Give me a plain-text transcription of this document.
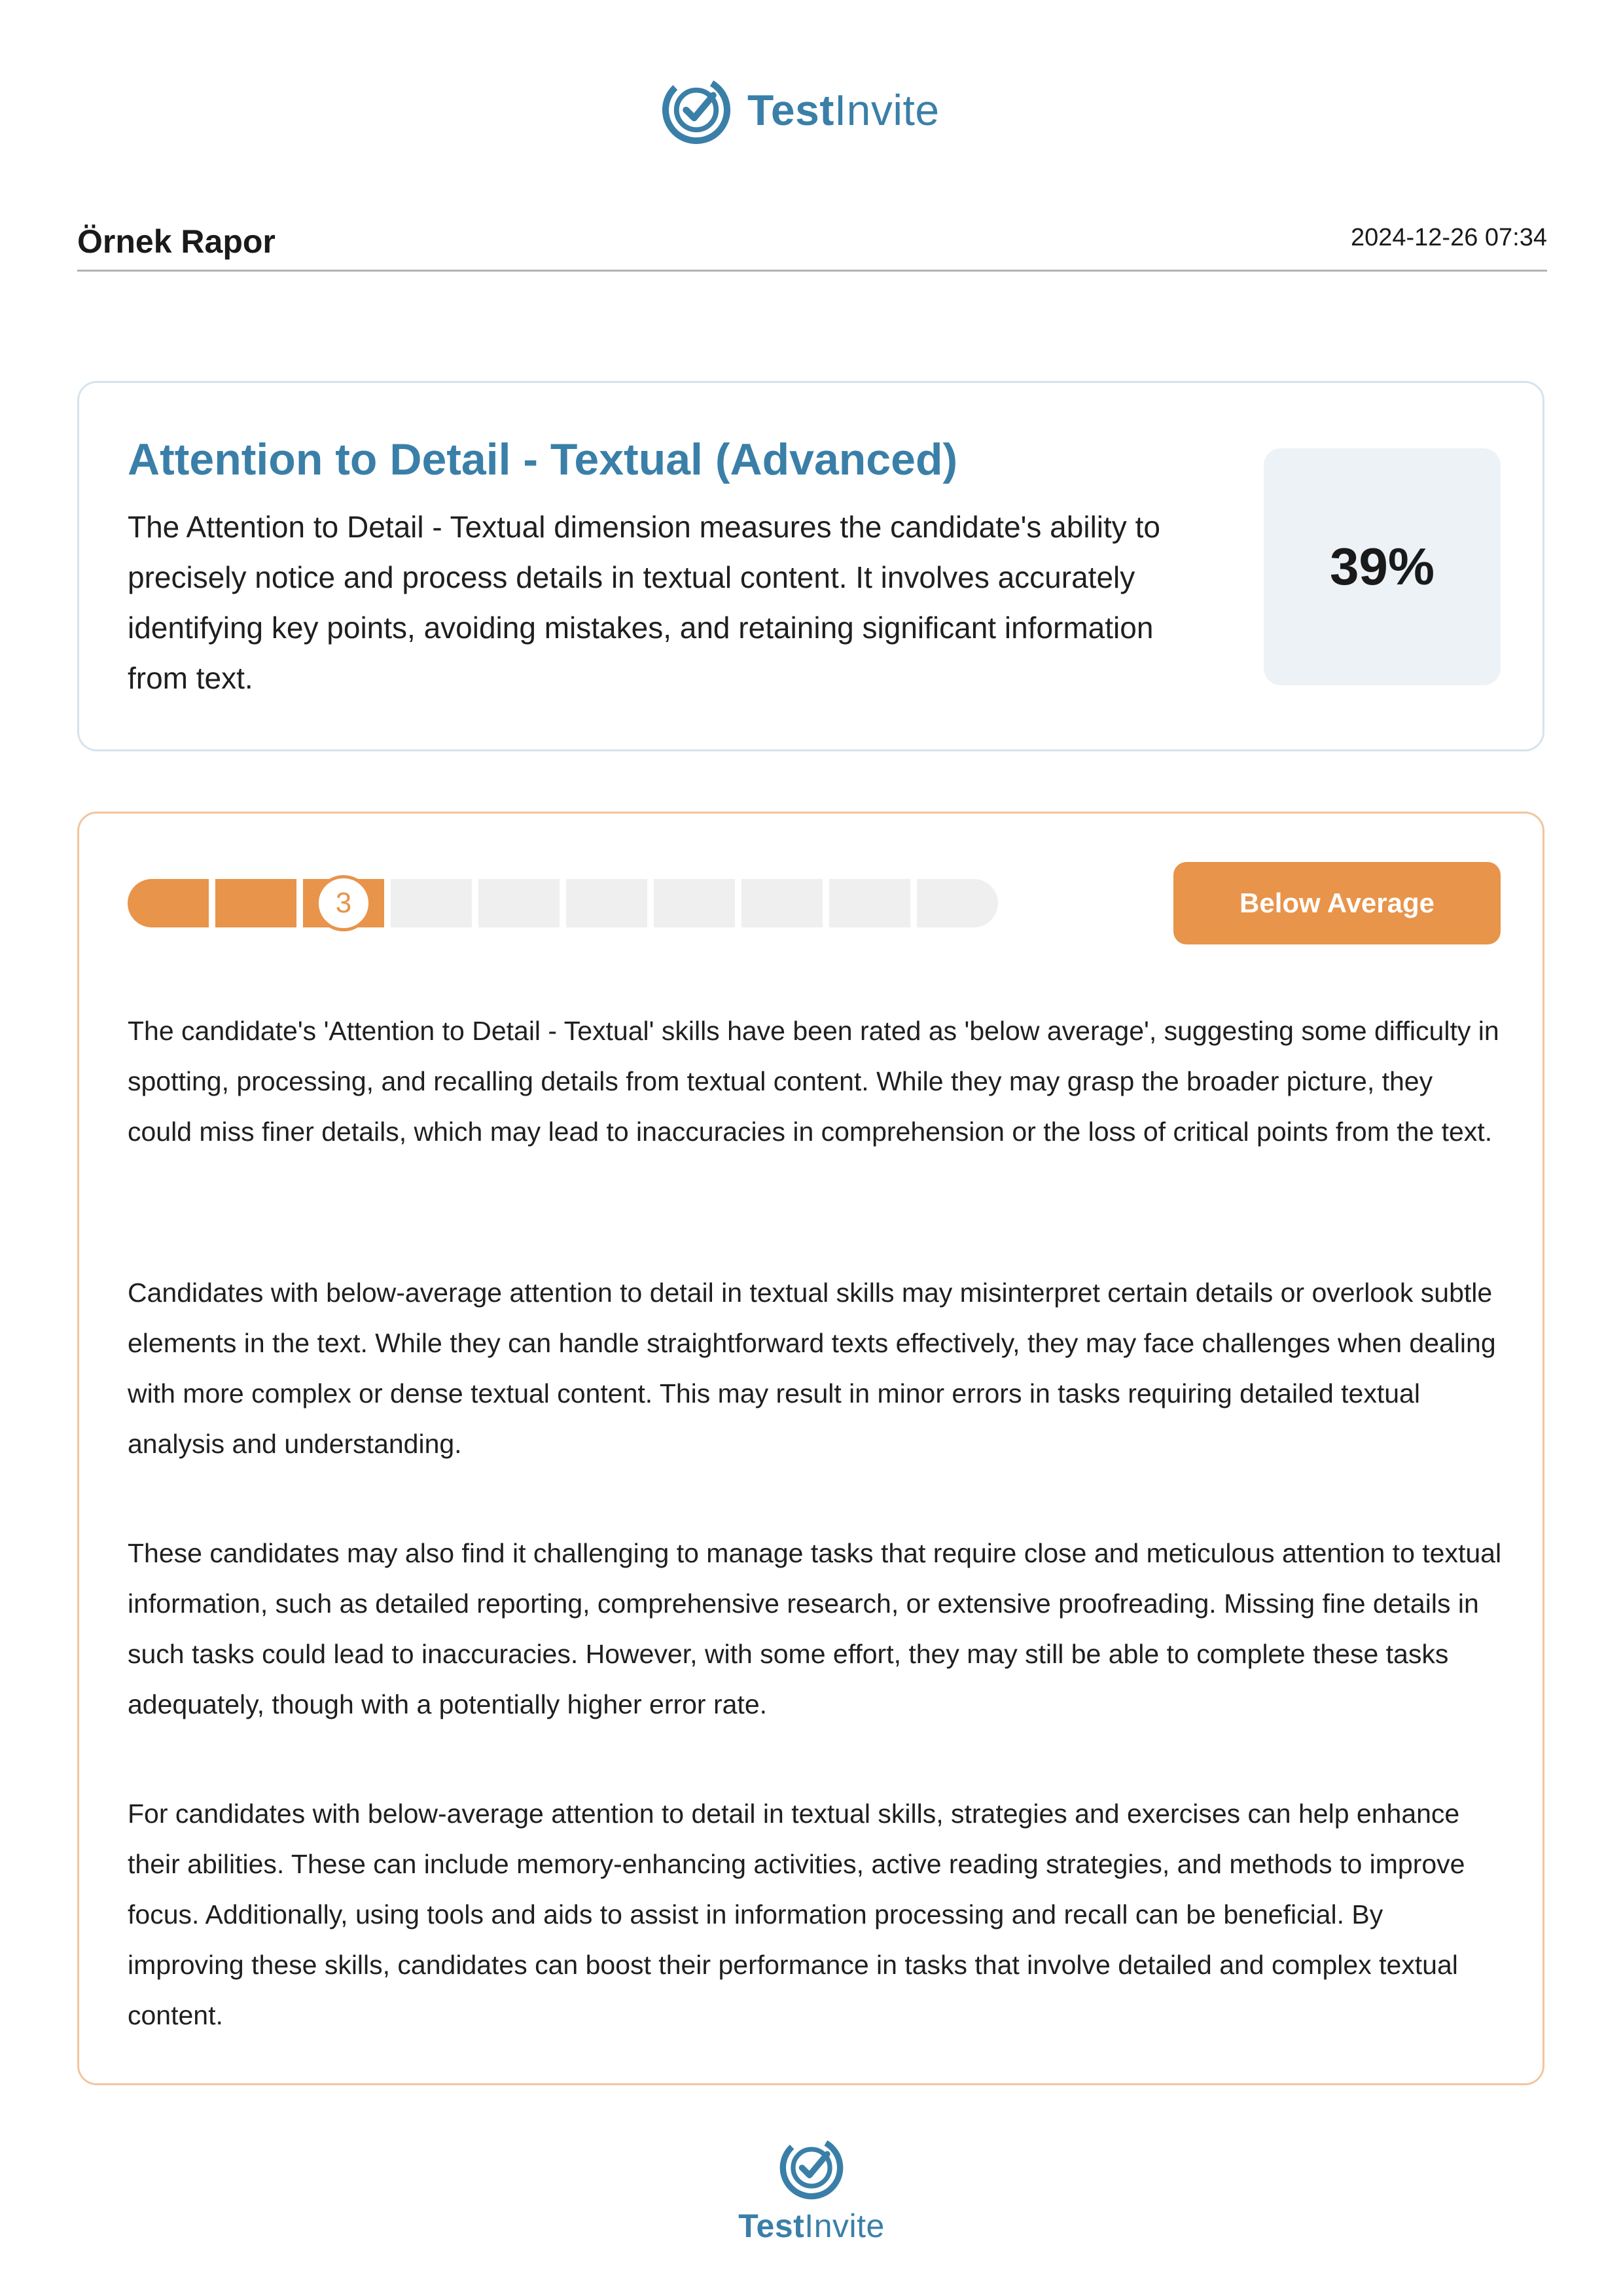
TestInvite
Örnek Rapor	2024-12-26 07:34
Attention to Detail - Textual (Advanced)

The Attention to Detail - Textual dimension measures the candidate's ability to precisely notice and process details in textual content. It involves accurately identifying key points, avoiding mistakes, and retaining significant information from text.

39%
3	Below Average

The candidate's 'Attention to Detail - Textual' skills have been rated as 'below average', suggesting some difficulty in spotting, processing, and recalling details from textual content. While they may grasp the broader picture, they could miss finer details, which may lead to inaccuracies in comprehension or the loss of critical points from the text.

Candidates with below-average attention to detail in textual skills may misinterpret certain details or overlook subtle elements in the text. While they can handle straightforward texts effectively, they may face challenges when dealing with more complex or dense textual content. This may result in minor errors in tasks requiring detailed textual analysis and understanding.

These candidates may also find it challenging to manage tasks that require close and meticulous attention to textual information, such as detailed reporting, comprehensive research, or extensive proofreading. Missing fine details in such tasks could lead to inaccuracies. However, with some effort, they may still be able to complete these tasks adequately, though with a potentially higher error rate.

For candidates with below-average attention to detail in textual skills, strategies and exercises can help enhance their abilities. These can include memory-enhancing activities, active reading strategies, and methods to improve focus. Additionally, using tools and aids to assist in information processing and recall can be beneficial. By improving these skills, candidates can boost their performance in tasks that involve detailed and complex textual content.

TestInvite
